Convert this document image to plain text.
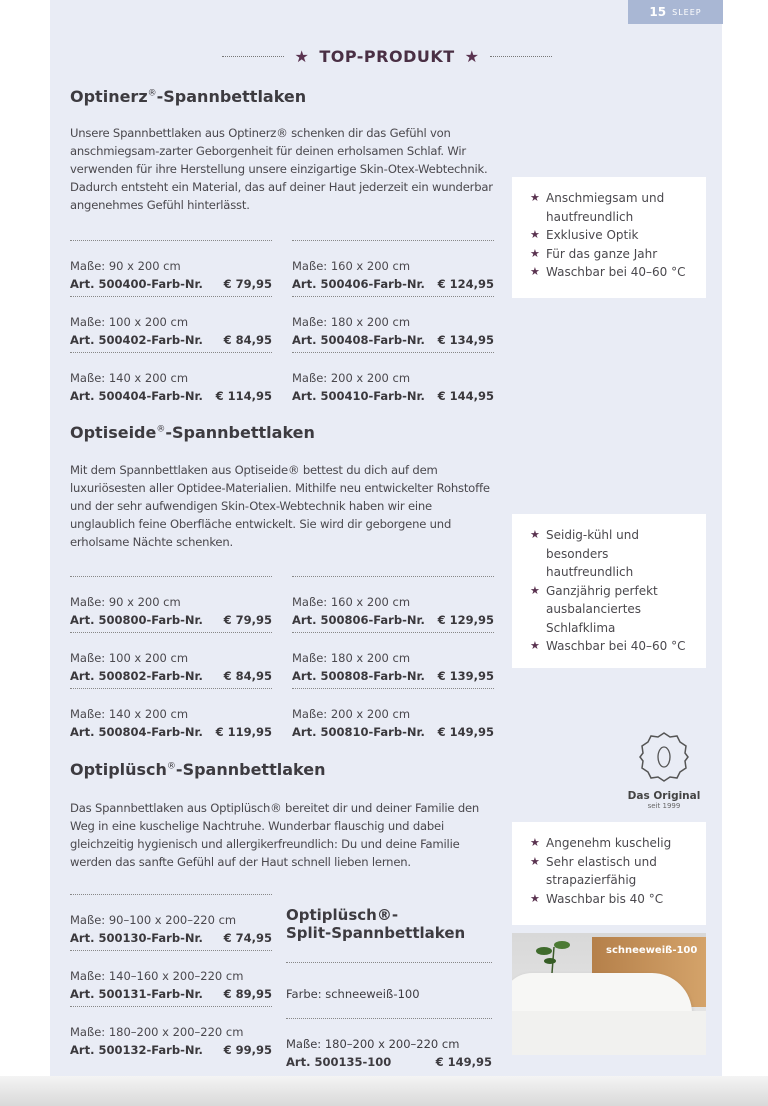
15 SLEEP
★ TOP-PRODUKT ★
Optinerz®-Spannbettlaken
Unsere Spannbettlaken aus Optinerz® schenken dir das Gefühl von anschmiegsam-zarter Geborgenheit für deinen erholsamen Schlaf. Wir verwenden für ihre Herstellung unsere einzigartige Skin-Otex-Webtechnik. Dadurch entsteht ein Material, das auf deiner Haut jederzeit ein wunderbar angenehmes Gefühl hinterlässt.
Maße: 90 x 200 cm
Art. 500400-Farb-Nr. € 79,95
Maße: 160 x 200 cm
Art. 500406-Farb-Nr. € 124,95
Maße: 100 x 200 cm
Art. 500402-Farb-Nr. € 84,95
Maße: 180 x 200 cm
Art. 500408-Farb-Nr. € 134,95
Maße: 140 x 200 cm
Art. 500404-Farb-Nr. € 114,95
Maße: 200 x 200 cm
Art. 500410-Farb-Nr. € 144,95
★ Anschmiegsam und hautfreundlich
★ Exklusive Optik
★ Für das ganze Jahr
★ Waschbar bei 40–60 °C
Optiseide®-Spannbettlaken
Mit dem Spannbettlaken aus Optiseide® bettest du dich auf dem luxuriösesten aller Optidee-Materialien. Mithilfe neu entwickelter Rohstoffe und der sehr aufwendigen Skin-Otex-Webtechnik haben wir eine unglaublich feine Oberfläche entwickelt. Sie wird dir geborgene und erholsame Nächte schenken.
Maße: 90 x 200 cm
Art. 500800-Farb-Nr. € 79,95
Maße: 160 x 200 cm
Art. 500806-Farb-Nr. € 129,95
Maße: 100 x 200 cm
Art. 500802-Farb-Nr. € 84,95
Maße: 180 x 200 cm
Art. 500808-Farb-Nr. € 139,95
Maße: 140 x 200 cm
Art. 500804-Farb-Nr. € 119,95
Maße: 200 x 200 cm
Art. 500810-Farb-Nr. € 149,95
★ Seidig-kühl und besonders hautfreundlich
★ Ganzjährig perfekt ausbalanciertes Schlafklima
★ Waschbar bei 40–60 °C
Optiplüsch®-Spannbettlaken
Das Spannbettlaken aus Optiplüsch® bereitet dir und deiner Familie den Weg in eine kuschelige Nachtruhe. Wunderbar flauschig und dabei gleichzeitig hygienisch und allergikerfreundlich: Du und deine Familie werden das sanfte Gefühl auf der Haut schnell lieben lernen.
Maße: 90–100 x 200–220 cm
Art. 500130-Farb-Nr. € 74,95
Maße: 140–160 x 200–220 cm
Art. 500131-Farb-Nr. € 89,95
Maße: 180–200 x 200–220 cm
Art. 500132-Farb-Nr. € 99,95
Optiplüsch®-
Split-Spannbettlaken
Farbe: schneeweiß-100
Maße: 180–200 x 200–220 cm
Art. 500135-100	€ 149,95
Das Original
seit 1999
★ Angenehm kuschelig
★ Sehr elastisch und strapazierfähig
★ Waschbar bis 40 °C
schneeweiß-100
